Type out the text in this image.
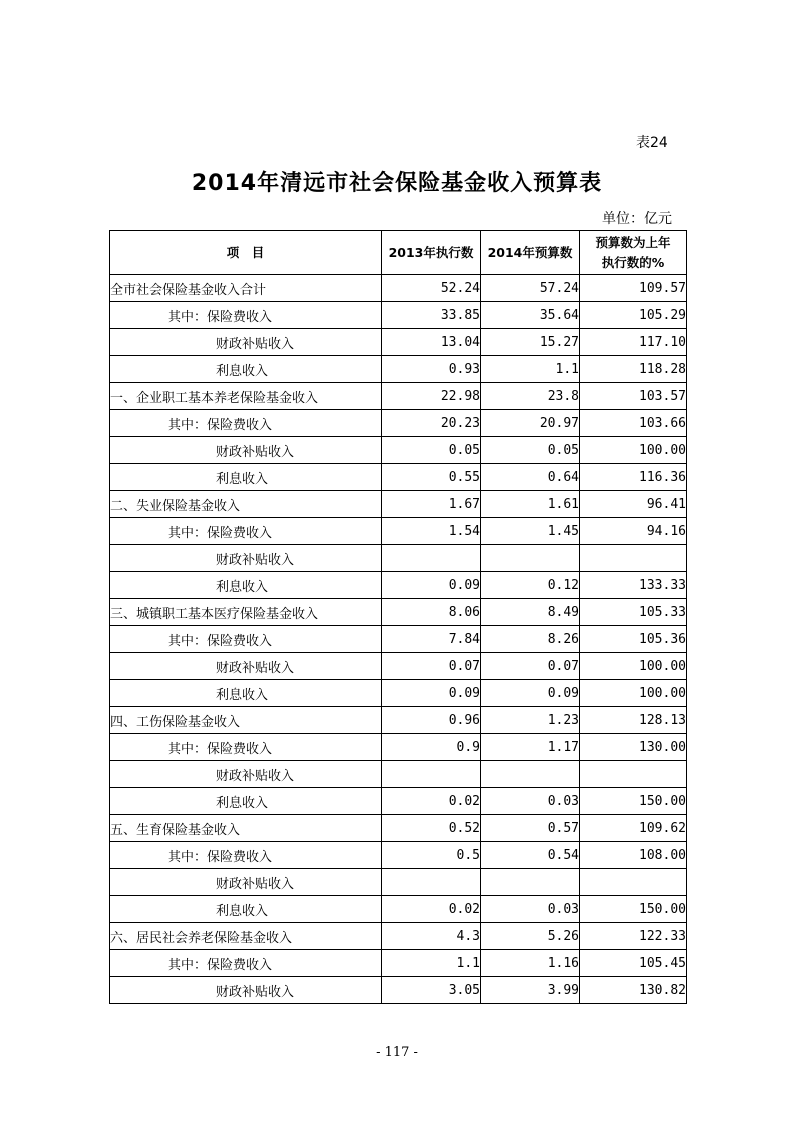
表24
2014年清远市社会保险基金收入预算表
单位：亿元
项　目	2013年执行数	2014年预算数	预算数为上年
执行数的%
全市社会保险基金收入合计	52.24	57.24	109.57
其中：保险费收入	33.85	35.64	105.29
财政补贴收入	13.04	15.27	117.10
利息收入	0.93	1.1	118.28
一、企业职工基本养老保险基金收入	22.98	23.8	103.57
其中：保险费收入	20.23	20.97	103.66
财政补贴收入	0.05	0.05	100.00
利息收入	0.55	0.64	116.36
二、失业保险基金收入	1.67	1.61	96.41
其中：保险费收入	1.54	1.45	94.16
财政补贴收入			
利息收入	0.09	0.12	133.33
三、城镇职工基本医疗保险基金收入	8.06	8.49	105.33
其中：保险费收入	7.84	8.26	105.36
财政补贴收入	0.07	0.07	100.00
利息收入	0.09	0.09	100.00
四、工伤保险基金收入	0.96	1.23	128.13
其中：保险费收入	0.9	1.17	130.00
财政补贴收入			
利息收入	0.02	0.03	150.00
五、生育保险基金收入	0.52	0.57	109.62
其中：保险费收入	0.5	0.54	108.00
财政补贴收入			
利息收入	0.02	0.03	150.00
六、居民社会养老保险基金收入	4.3	5.26	122.33
其中：保险费收入	1.1	1.16	105.45
财政补贴收入	3.05	3.99	130.82
- 117 -
